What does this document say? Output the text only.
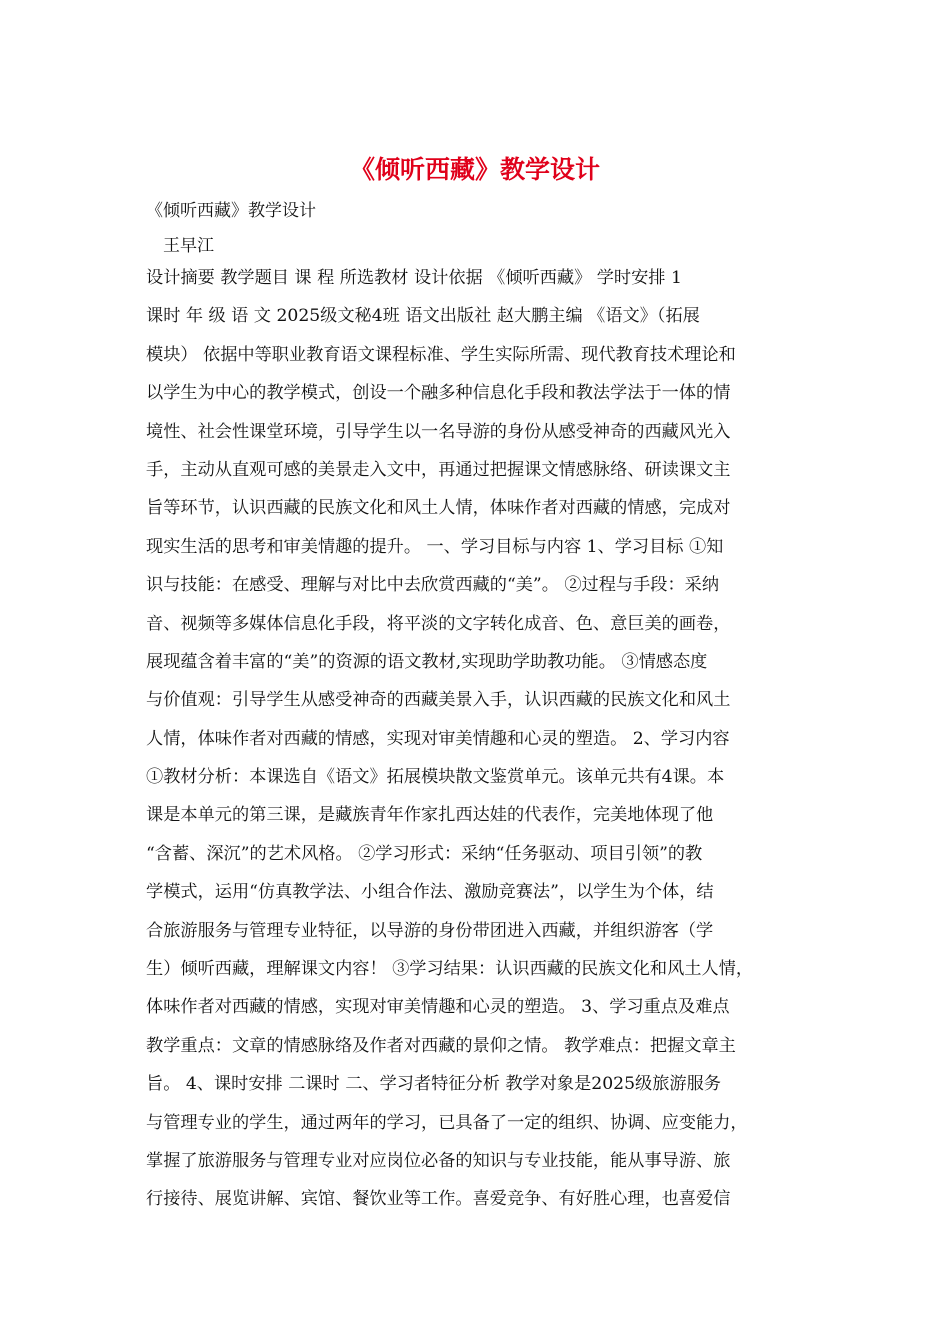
《倾听西藏》教学设计

《倾听西藏》教学设计

王早江

设计摘要 教学题目 课 程 所选教材 设计依据 《倾听西藏》 学时安排 1
课时 年 级 语 文 2025级文秘4班 语文出版社 赵大鹏主编 《语文》（拓展
模块） 依据中等职业教育语文课程标准、学生实际所需、现代教育技术理论和
以学生为中心的教学模式，创设一个融多种信息化手段和教法学法于一体的情
境性、社会性课堂环境，引导学生以一名导游的身份从感受神奇的西藏风光入
手，主动从直观可感的美景走入文中，再通过把握课文情感脉络、研读课文主
旨等环节，认识西藏的民族文化和风土人情，体味作者对西藏的情感，完成对
现实生活的思考和审美情趣的提升。 一、学习目标与内容 1、学习目标 ①知
识与技能：在感受、理解与对比中去欣赏西藏的“美”。 ②过程与手段：采纳
音、视频等多媒体信息化手段，将平淡的文字转化成音、色、意巨美的画卷，
展现蕴含着丰富的“美”的资源的语文教材,实现助学助教功能。 ③情感态度
与价值观：引导学生从感受神奇的西藏美景入手，认识西藏的民族文化和风土
人情，体味作者对西藏的情感，实现对审美情趣和心灵的塑造。 2、学习内容
①教材分析：本课选自《语文》拓展模块散文鉴赏单元。该单元共有4课。本
课是本单元的第三课，是藏族青年作家扎西达娃的代表作，完美地体现了他
“含蓄、深沉”的艺术风格。 ②学习形式：采纳“任务驱动、项目引领”的教
学模式，运用“仿真教学法、小组合作法、激励竞赛法”，以学生为个体，结
合旅游服务与管理专业特征，以导游的身份带团进入西藏，并组织游客（学
生）倾听西藏，理解课文内容！ ③学习结果：认识西藏的民族文化和风土人情，
体味作者对西藏的情感，实现对审美情趣和心灵的塑造。 3、学习重点及难点
教学重点：文章的情感脉络及作者对西藏的景仰之情。 教学难点：把握文章主
旨。 4、课时安排 二课时 二、学习者特征分析 教学对象是2025级旅游服务
与管理专业的学生，通过两年的学习，已具备了一定的组织、协调、应变能力，
掌握了旅游服务与管理专业对应岗位必备的知识与专业技能，能从事导游、旅
行接待、展览讲解、宾馆、餐饮业等工作。喜爱竞争、有好胜心理，也喜爱信
